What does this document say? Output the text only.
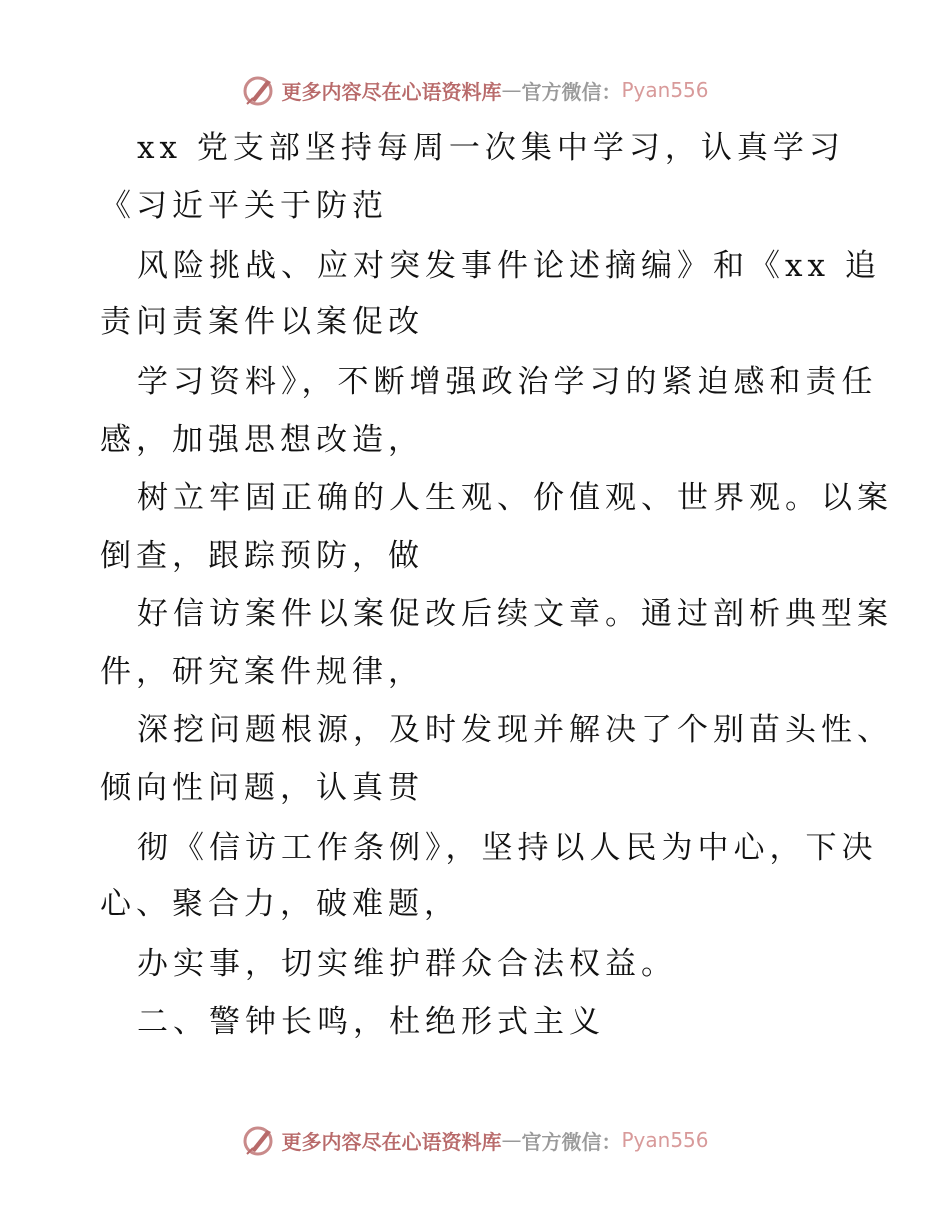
更多内容尽在心语资料库 — 官方微信： Pyan556
xx 党支部坚持每周一次集中学习，认真学习
《习近平关于防范
风险挑战、应对突发事件论述摘编》和《xx 追
责问责案件以案促改
学习资料》，不断增强政治学习的紧迫感和责任
感，加强思想改造，
树立牢固正确的人生观、价值观、世界观。以案
倒查，跟踪预防，做
好信访案件以案促改后续文章。通过剖析典型案
件，研究案件规律，
深挖问题根源，及时发现并解决了个别苗头性、
倾向性问题，认真贯
彻《信访工作条例》，坚持以人民为中心，下决
心、聚合力，破难题，
办实事，切实维护群众合法权益。
二、警钟长鸣，杜绝形式主义
更多内容尽在心语资料库 — 官方微信： Pyan556
